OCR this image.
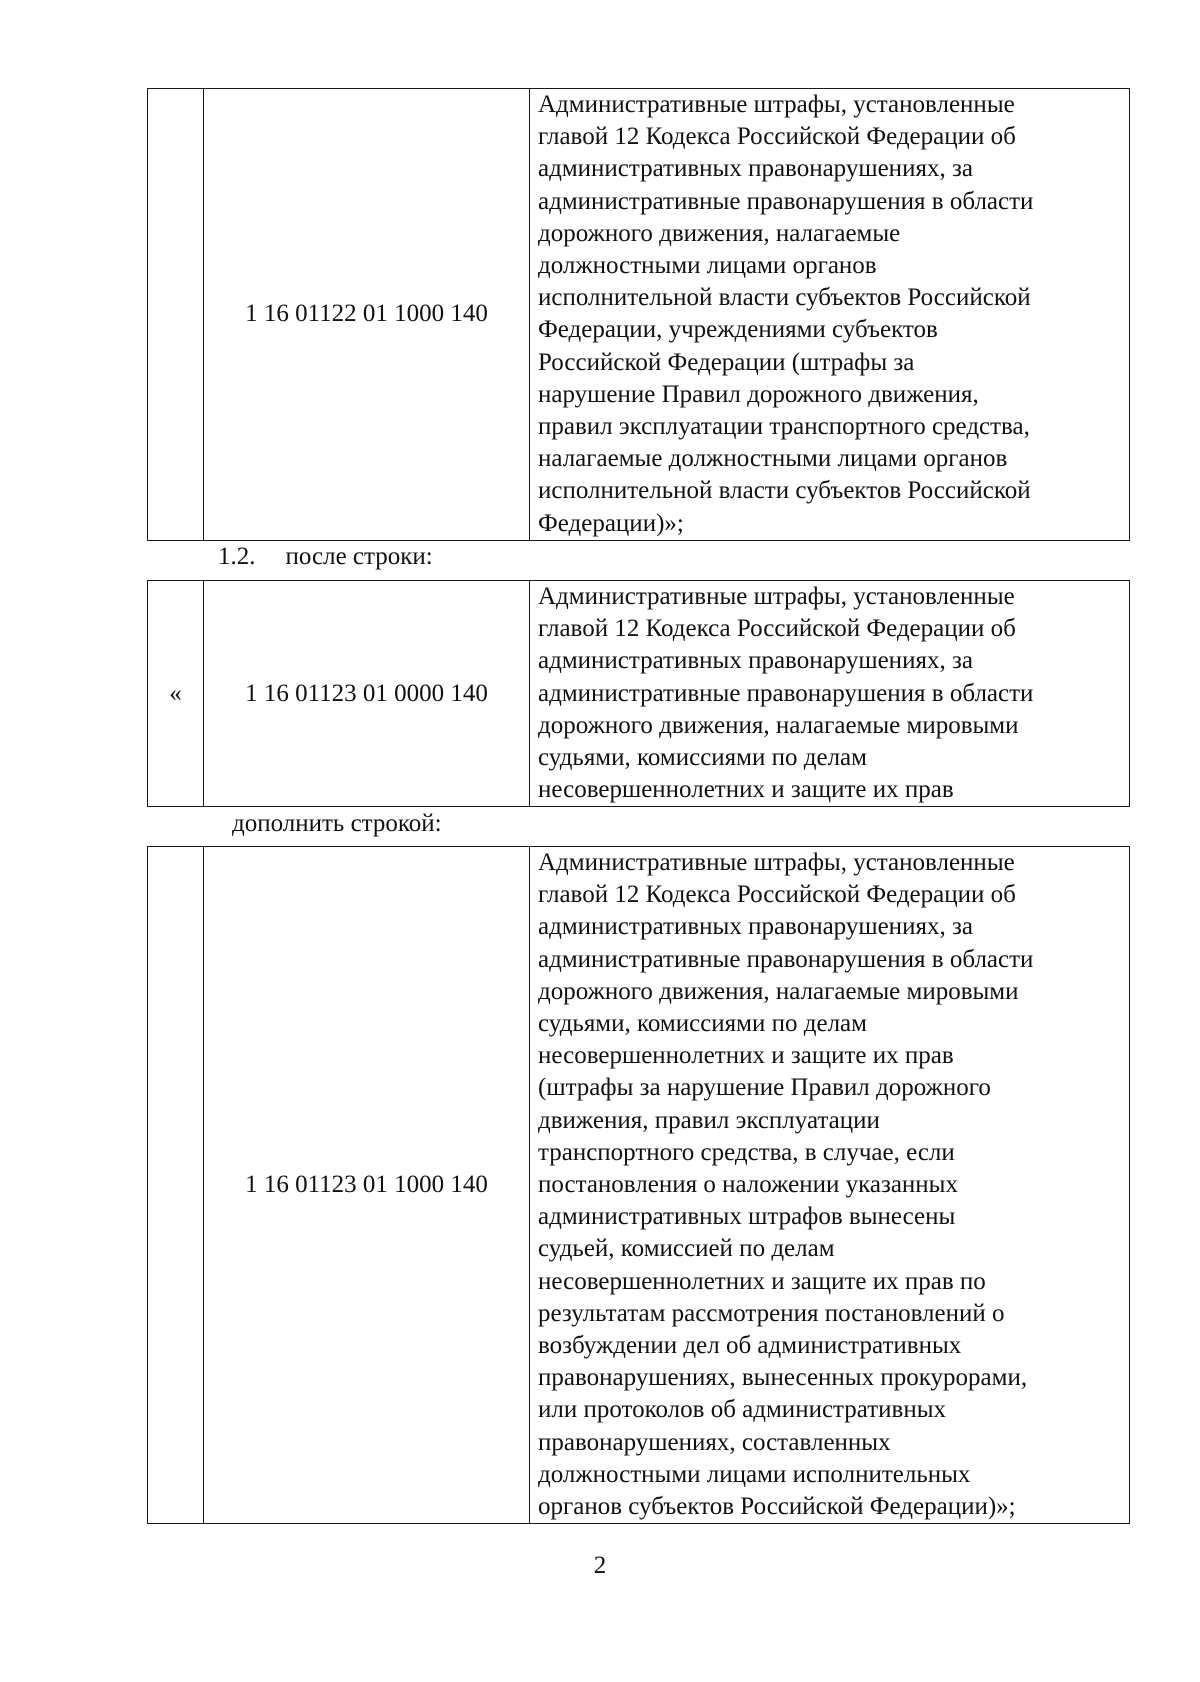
	1 16 01122 01 1000 140	
Административные штрафы, установленные
главой 12 Кодекса Российской Федерации об
административных правонарушениях, за
административные правонарушения в области
дорожного движения, налагаемые
должностными лицами органов
исполнительной власти субъектов Российской
Федерации, учреждениями субъектов
Российской Федерации (штрафы за
нарушение Правил дорожного движения,
правил эксплуатации транспортного средства,
налагаемые должностными лицами органов
исполнительной власти субъектов Российской
Федерации)»;
1.2. после строки:
«	1 16 01123 01 0000 140	
Административные штрафы, установленные
главой 12 Кодекса Российской Федерации об
административных правонарушениях, за
административные правонарушения в области
дорожного движения, налагаемые мировыми
судьями, комиссиями по делам
несовершеннолетних и защите их прав
дополнить строкой:
	1 16 01123 01 1000 140	
Административные штрафы, установленные
главой 12 Кодекса Российской Федерации об
административных правонарушениях, за
административные правонарушения в области
дорожного движения, налагаемые мировыми
судьями, комиссиями по делам
несовершеннолетних и защите их прав
(штрафы за нарушение Правил дорожного
движения, правил эксплуатации
транспортного средства, в случае, если
постановления о наложении указанных
административных штрафов вынесены
судьей, комиссией по делам
несовершеннолетних и защите их прав по
результатам рассмотрения постановлений о
возбуждении дел об административных
правонарушениях, вынесенных прокурорами,
или протоколов об административных
правонарушениях, составленных
должностными лицами исполнительных
органов субъектов Российской Федерации)»;
2
